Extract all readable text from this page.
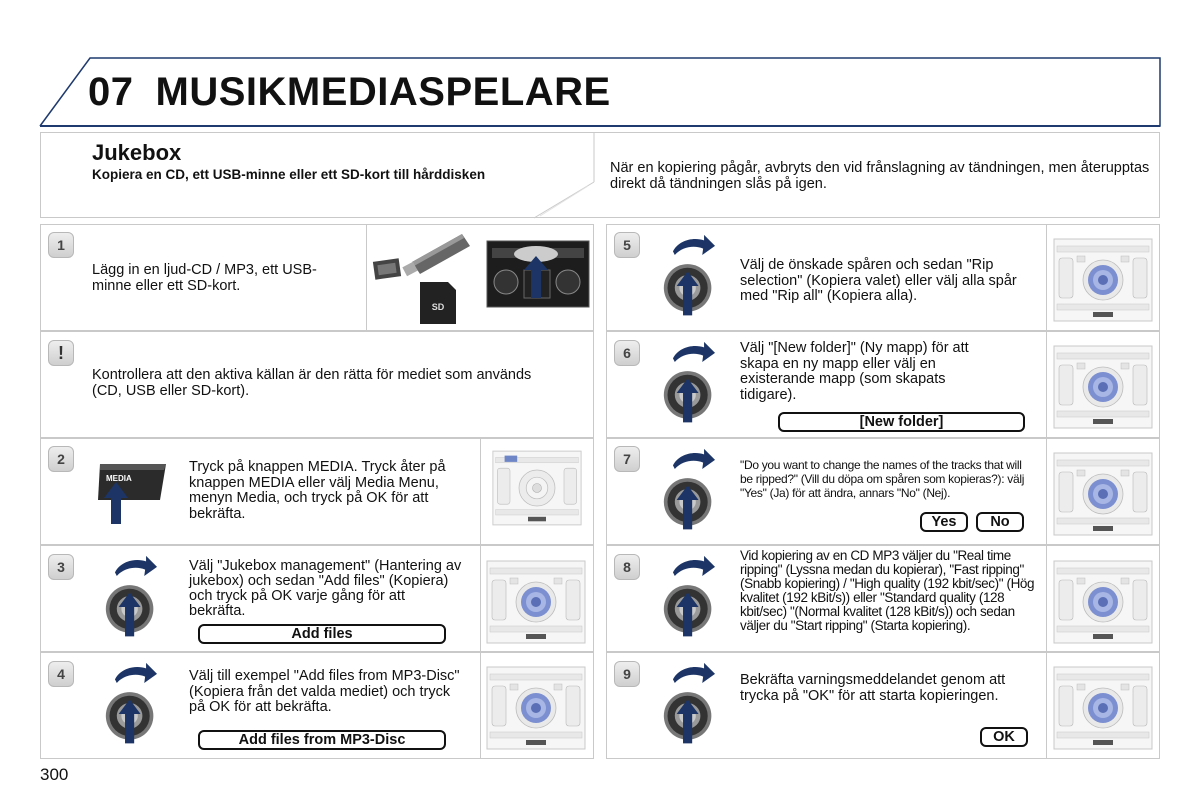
07 MUSIKMEDIASPELARE
Jukebox
Kopiera en CD, ett USB-minne eller ett SD-kort till hårddisken	När en kopiering pågår, avbryts den vid frånslagning av tändningen, men återupptas direkt då tändningen slås på igen.
1
Lägg in en ljud-CD / MP3, ett USB-minne eller ett SD-kort.
SD
!
Kontrollera att den aktiva källan är den rätta för mediet som används (CD, USB eller SD-kort).
2
MEDIA
Tryck på knappen MEDIA. Tryck åter på knappen MEDIA eller välj Media Menu, menyn Media, och tryck på OK för att bekräfta.
3	Välj "Jukebox management" (Hantering av jukebox) och sedan "Add files" (Kopiera) och tryck på OK varje gång för att bekräfta.
Add files
4	Välj till exempel "Add files from MP3-Disc" (Kopiera från det valda mediet) och tryck på OK för att bekräfta.
Add files from MP3-Disc
5
Välj de önskade spåren och sedan "Rip selection" (Kopiera valet) eller välj alla spår med "Rip all" (Kopiera alla).
6	Välj "[New folder]" (Ny mapp) för att skapa en ny mapp eller välj en existerande mapp (som skapats tidigare).
[New folder]
7	"Do you want to change the names of the tracks that will be ripped?" (Vill du döpa om spåren som kopieras?): välj "Yes" (Ja) för att ändra, annars "No" (Nej).
Yes	No
8
Vid kopiering av en CD MP3 väljer du "Real time ripping" (Lyssna medan du kopierar), "Fast ripping" (Snabb kopiering) / "High quality (192 kbit/sec)" (Hög kvalitet (192 kBit/s)) eller "Standard quality (128 kbit/sec) "(Normal kvalitet (128 kBit/s)) och sedan väljer du "Start ripping" (Starta kopiering).
9	Bekräfta varningsmeddelandet genom att trycka på "OK" för att starta kopieringen.
OK
300
